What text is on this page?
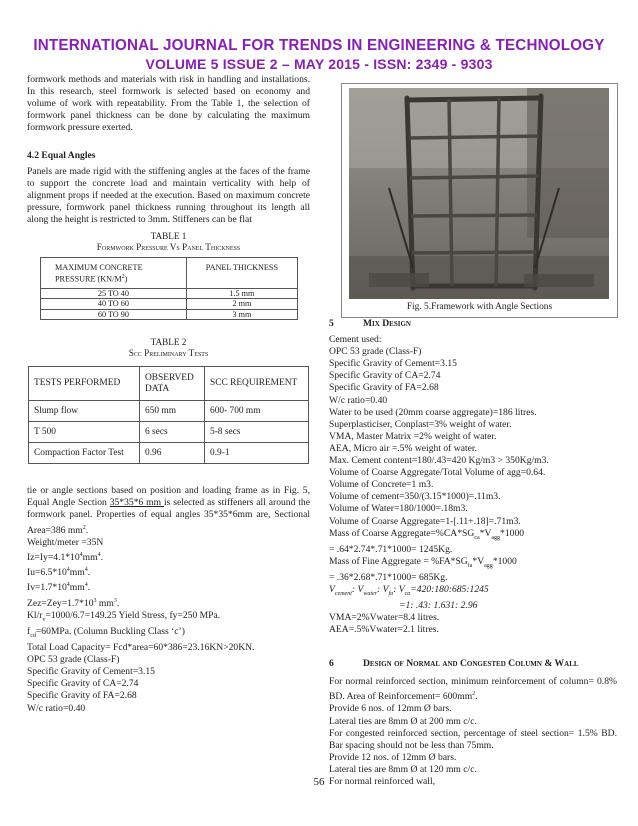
INTERNATIONAL JOURNAL FOR TRENDS IN ENGINEERING & TECHNOLOGY
VOLUME 5 ISSUE 2 – MAY 2015 - ISSN: 2349 - 9303

formwork methods and materials with risk in handling and installations. In this research, steel formwork is selected based on economy and volume of work with repeatability. From the Table 1, the selection of formwork panel thickness can be done by calculating the maximum formwork pressure exerted.

4.2 Equal Angles

Panels are made rigid with the stiffening angles at the faces of the frame to support the concrete load and maintain verticality with help of alignment props if needed at the execution. Based on maximum concrete pressure, formwork panel thickness running throughout its length all along the height is restricted to 3mm. Stiffeners can be flat

TABLE 1
Formwork Pressure Vs Panel Thickness
MAXIMUM CONCRETE
PRESSURE $(KN/M^2)$	PANEL THICKNESS
25 TO 40	1.5 mm
40 TO 60	2 mm
60 TO 90	3 mm
TABLE 2
Scc Preliminary Tests
TESTS PERFORMED	OBSERVED DATA	SCC REQUIREMENT
Slump flow	650 mm	600- 700 mm
T 500	6 secs	5-8 secs
Compaction Factor Test	0.96	0.9-1

tie or angle sections based on position and loading frame as in Fig. 5, Equal Angle Section 35*35*6 mm is selected as stiffeners all around the formwork panel. Properties of equal angles 35*35*6mm are, Sectional Area=386 $mm^2$.

Weight/meter =35N
$Iz=Iy=4.1*10^4mm^4$.
$Iu=6.5*10^4mm^4$.
$Iv=1.7*10^4mm^4$.
$Zez=Zey=1.7*10^3$ $mm^3$.
$Kl/r_v=1000/6.7=149.25$ Yield Stress, fy=250 MPa.
$f_{cd}=60MPa$. (Column Buckling Class ‘c’)
Total Load Capacity= Fcd*area=60*386=23.16KN>20KN.
OPC 53 grade (Class-F)
Specific Gravity of Cement=3.15
Specific Gravity of CA=2.74
Specific Gravity of FA=2.68
W/c ratio=0.40
Fig. 5.Framework with Angle Sections
5	Mix Design
Cement used:
OPC 53 grade (Class-F)
Specific Gravity of Cement=3.15
Specific Gravity of CA=2.74
Specific Gravity of FA=2.68
W/c ratio=0.40
Water to be used (20mm coarse aggregate)=186 litres.
Superplasticiser, Conplast=3% weight of water.
VMA, Master Matrix =2% weight of water.
AEA, Micro air =.5% weight of water.
Max. Cement content=180/.43=420 Kg/m3 > 350Kg/m3.
Volume of Coarse Aggregate/Total Volume of agg=0.64.
Volume of Concrete=1 m3.
Volume of cement=350/(3.15*1000)=.11m3.
Volume of Water=180/1000=.18m3.
Volume of Coarse Aggregate=1-[.11+.18]=.71m3.
Mass of Coarse $Aggregate=\%CA*SG_{ca}*V_{agg}*1000$
= .64*2.74*.71*1000= 1245Kg.
Mass of Fine Aggregate = $\%FA*SG_{fa}*V_{agg}*1000$
= .36*2.68*.71*1000= 685Kg.
$V_{cement}$: $V_{water}$: $V_{fa}$: $V_{ca}=420:180:685:1245$
=1: .43: 1.631: 2.96
VMA=2%Vwater=8.4 litres.
AEA=.5%Vwater=2.1 litres.
6	Design of Normal and Congested Column & Wall

For normal reinforced section, minimum reinforcement of column= 0.8% BD. Area of Reinforcement= $600mm^2$.

Provide 6 nos. of 12mm Ø bars.
Lateral ties are 8mm Ø at 200 mm c/c.

For congested reinforced section, percentage of steel section= 1.5% BD. Bar spacing should not be less than 75mm.

Provide 12 nos. of 12mm Ø bars.
Lateral ties are 8mm Ø at 120 mm c/c.
For normal reinforced wall,
56
